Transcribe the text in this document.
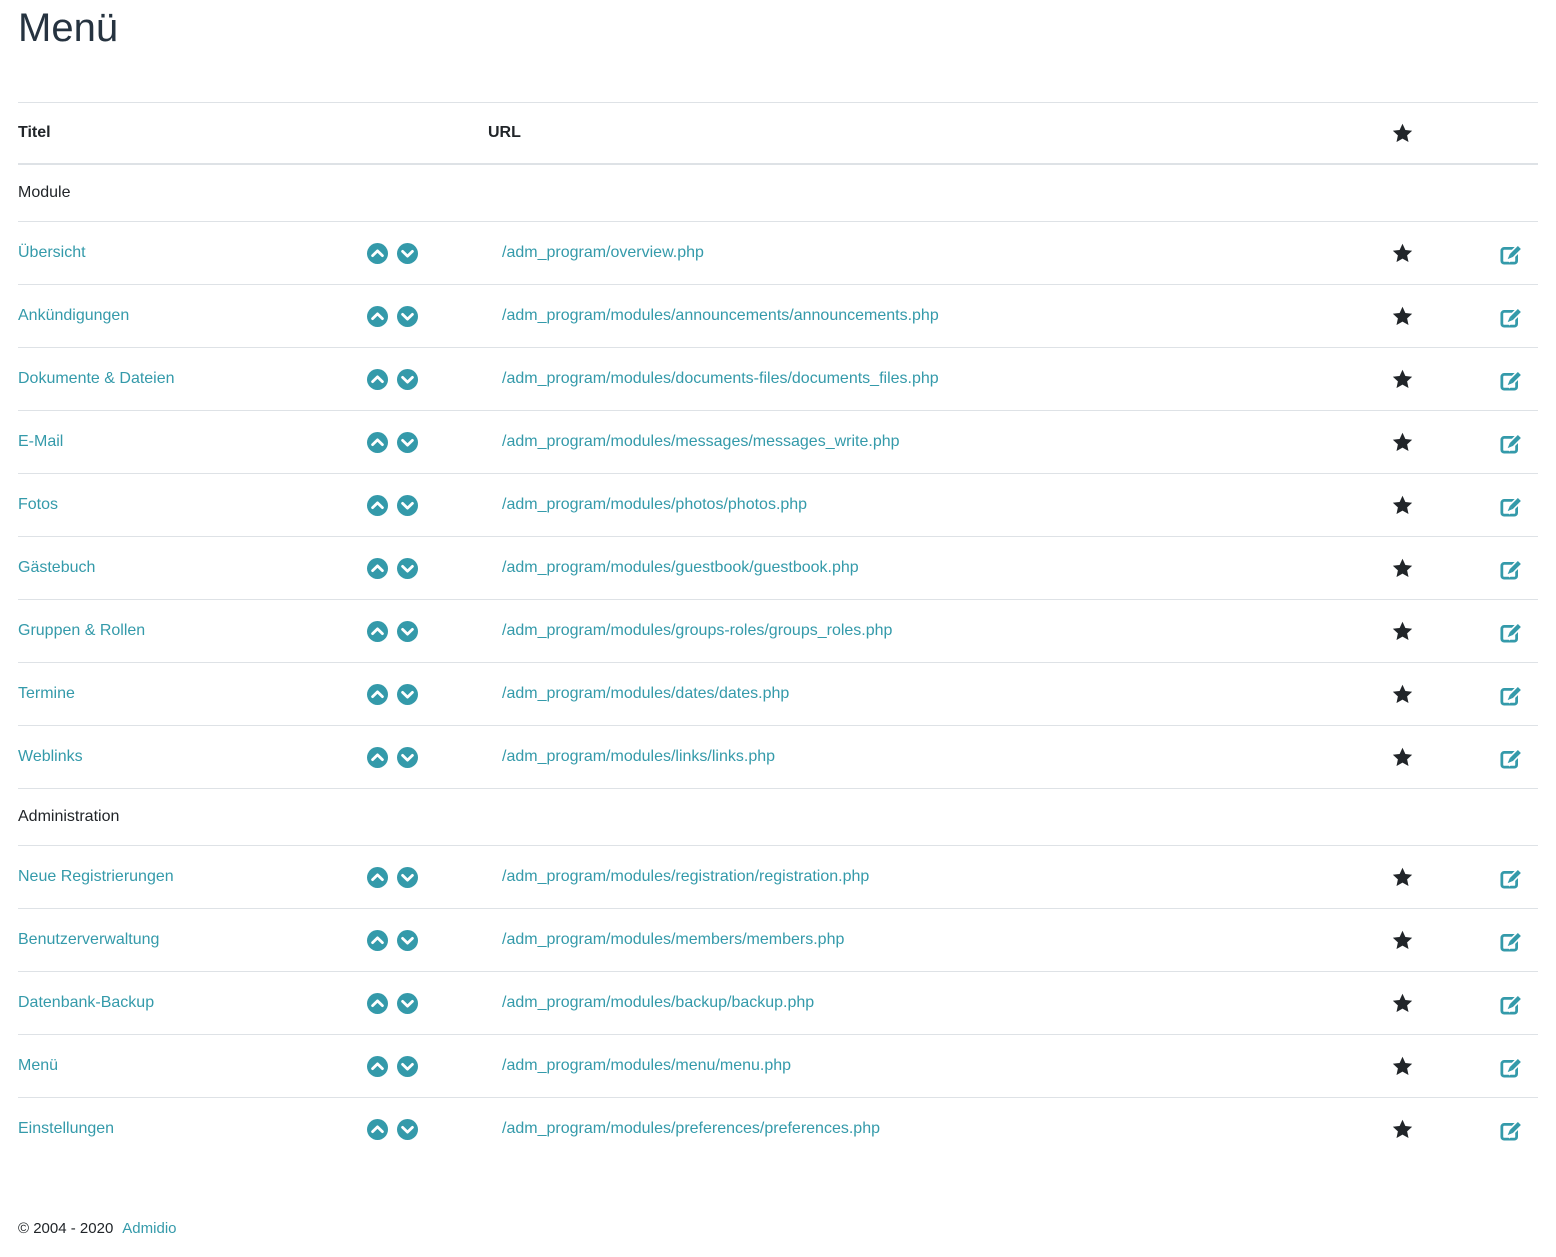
Menü
Titel	URL
Module
Übersicht	/adm_program/overview.php
Ankündigungen	/adm_program/modules/announcements/announcements.php
Dokumente & Dateien	/adm_program/modules/documents-files/documents_files.php
E-Mail	/adm_program/modules/messages/messages_write.php
Fotos	/adm_program/modules/photos/photos.php
Gästebuch	/adm_program/modules/guestbook/guestbook.php
Gruppen & Rollen	/adm_program/modules/groups-roles/groups_roles.php
Termine	/adm_program/modules/dates/dates.php
Weblinks	/adm_program/modules/links/links.php
Administration
Neue Registrierungen	/adm_program/modules/registration/registration.php
Benutzerverwaltung	/adm_program/modules/members/members.php
Datenbank-Backup	/adm_program/modules/backup/backup.php
Menü	/adm_program/modules/menu/menu.php
Einstellungen	/adm_program/modules/preferences/preferences.php
© 2004 - 2020 Admidio
